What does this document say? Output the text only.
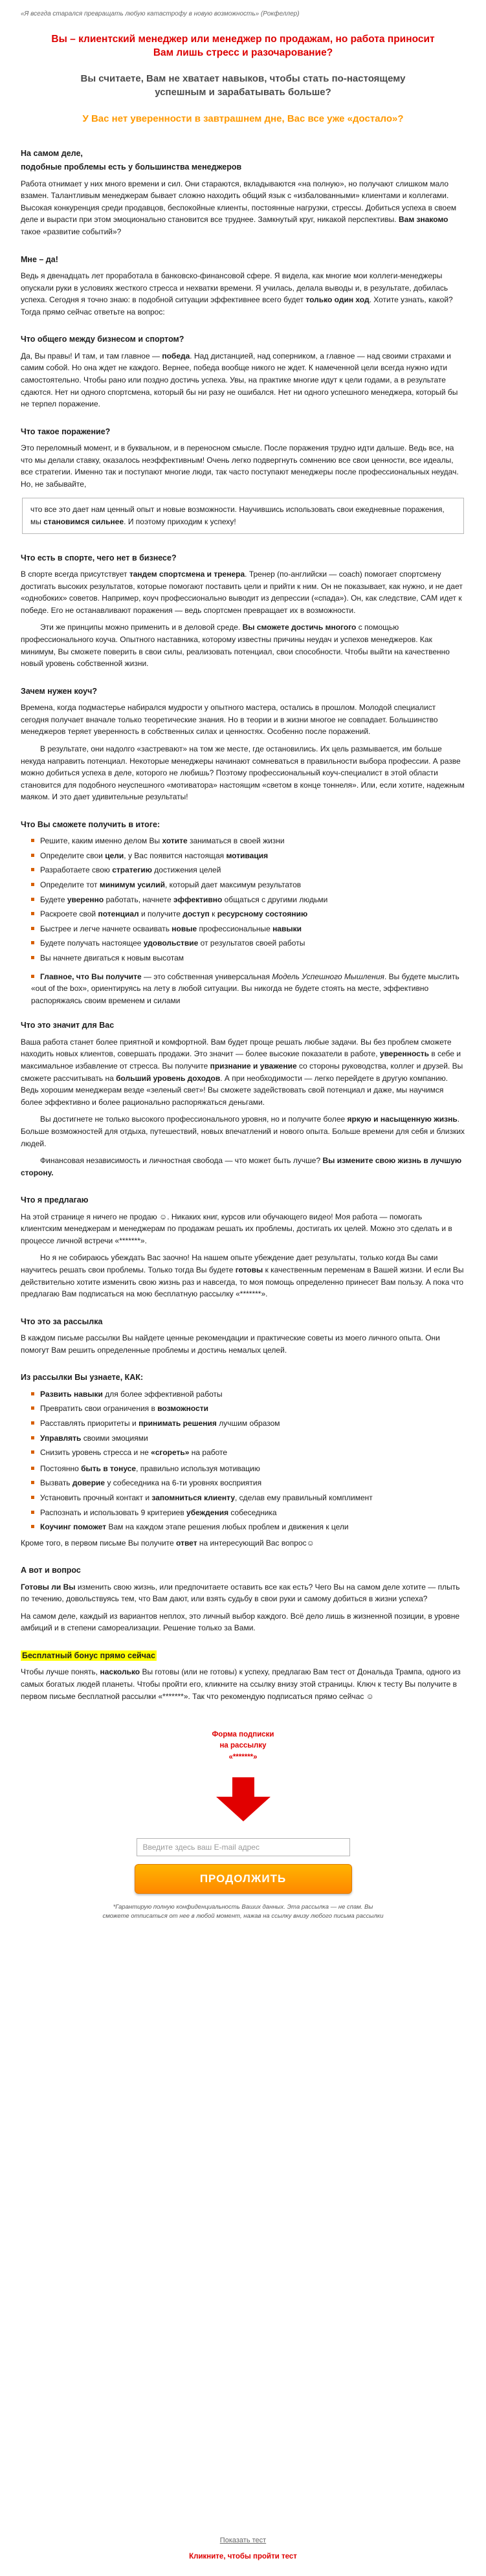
«Я всегда старался превращать любую катастрофу в новую возможность» (Рокфеллер)
Вы – клиентский менеджер или менеджер по продажам, но работа приносит Вам лишь стресс и разочарование?
Вы считаете, Вам не хватает навыков, чтобы стать по-настоящему успешным и зарабатывать больше?
У Вас нет уверенности в завтрашнем дне, Вас все уже «достало»?
На самом деле,
подобные проблемы есть у большинства менеджеров

Работа отнимает у них много времени и сил. Они стараются, вкладываются «на полную», но получают слишком мало взамен. Талантливым менеджерам бывает сложно находить общий язык с «избалованными» клиентами и коллегами. Высокая конкуренция среди продавцов, беспокойные клиенты, постоянные нагрузки, стрессы. Добиться успеха в своем деле и вырасти при этом эмоционально становится все труднее. Замкнутый круг, никакой перспективы. Вам знакомо такое «развитие событий»?

Мне – да!

Ведь я двенадцать лет проработала в банковско-финансовой сфере. Я видела, как многие мои коллеги-менеджеры опускали руки в условиях жесткого стресса и нехватки времени. Я училась, делала выводы и, в результате, добилась успеха. Сегодня я точно знаю: в подобной ситуации эффективнее всего будет только один ход. Хотите узнать, какой? Тогда прямо сейчас ответьте на вопрос:

Что общего между бизнесом и спортом?

Да, Вы правы! И там, и там главное — победа. Над дистанцией, над соперником, а главное — над своими страхами и самим собой. Но она ждет не каждого. Вернее, победа вообще никого не ждет. К намеченной цели всегда нужно идти самостоятельно. Чтобы рано или поздно достичь успеха. Увы, на практике многие идут к цели годами, а в результате сдаются. Нет ни одного спортсмена, который бы ни разу не ошибался. Нет ни одного успешного менеджера, который бы не терпел поражение.

Что такое поражение?

Это переломный момент, и в буквальном, и в переносном смысле. После поражения трудно идти дальше. Ведь все, на что мы делали ставку, оказалось неэффективным! Очень легко подвергнуть сомнению все свои ценности, все идеалы, все стратегии. Именно так и поступают многие люди, так часто поступают менеджеры после профессиональных неудач. Но, не забывайте,

что все это дает нам ценный опыт и новые возможности. Научившись использовать свои ежедневные поражения, мы становимся сильнее. И поэтому приходим к успеху!
Что есть в спорте, чего нет в бизнесе?

В спорте всегда присутствует тандем спортсмена и тренера. Тренер (по-английски — coach) помогает спортсмену достигать высоких результатов, которые помогают поставить цели и прийти к ним. Он не показывает, как нужно, и не дает «однобоких» советов. Например, коуч профессионально выводит из депрессии («спада»). Он, как следствие, САМ идет к победе. Его не останавливают поражения — ведь спортсмен превращает их в возможности.

Эти же принципы можно применить и в деловой среде. Вы сможете достичь многого с помощью профессионального коуча. Опытного наставника, которому известны причины неудач и успехов менеджеров. Как минимум, Вы сможете поверить в свои силы, реализовать потенциал, свои способности. Чтобы выйти на качественно новый уровень собственной жизни.

Зачем нужен коуч?

Времена, когда подмастерье набирался мудрости у опытного мастера, остались в прошлом. Молодой специалист сегодня получает вначале только теоретические знания. Но в теории и в жизни многое не совпадает. Большинство менеджеров теряет уверенность в собственных силах и ценностях. Особенно после поражений.

В результате, они надолго «застревают» на том же месте, где остановились. Их цель размывается, им больше некуда направить потенциал. Некоторые менеджеры начинают сомневаться в правильности выбора профессии. А разве можно добиться успеха в деле, которого не любишь? Поэтому профессиональный коуч-специалист в этой области становится для подобного неуспешного «мотиватора» настоящим «светом в конце тоннеля». Или, если хотите, надежным маяком. И это дает удивительные результаты!

Что Вы сможете получить в итоге:
Решите, каким именно делом Вы хотите заниматься в своей жизни
Определите свои цели, у Вас появится настоящая мотивация
Разработаете свою стратегию достижения целей
Определите тот минимум усилий, который дает максимум результатов
Будете уверенно работать, начнете эффективно общаться с другими людьми
Раскроете свой потенциал и получите доступ к ресурсному состоянию
Быстрее и легче начнете осваивать новые профессиональные навыки
Будете получать настоящее удовольствие от результатов своей работы
Вы начнете двигаться к новым высотам
Главное, что Вы получите — это собственная универсальная Модель Успешного Мышления. Вы будете мыслить «out of the box», ориентируясь на лету в любой ситуации. Вы никогда не будете стоять на месте, эффективно распоряжаясь своим временем и силами
Что это значит для Вас

Ваша работа станет более приятной и комфортной. Вам будет проще решать любые задачи. Вы без проблем сможете находить новых клиентов, совершать продажи. Это значит — более высокие показатели в работе, уверенность в себе и максимальное избавление от стресса. Вы получите признание и уважение со стороны руководства, коллег и друзей. Вы сможете рассчитывать на больший уровень доходов. А при необходимости — легко перейдете в другую компанию. Ведь хорошим менеджерам везде «зеленый свет»! Вы сможете задействовать свой потенциал и даже, мы научимся более эффективно и более рационально распоряжаться деньгами.

Вы достигнете не только высокого профессионального уровня, но и получите более яркую и насыщенную жизнь. Больше возможностей для отдыха, путешествий, новых впечатлений и нового опыта. Больше времени для себя и близких людей.

Финансовая независимость и личностная свобода — что может быть лучше? Вы измените свою жизнь в лучшую сторону.

Что я предлагаю

На этой странице я ничего не продаю ☺. Никаких книг, курсов или обучающего видео! Моя работа — помогать клиентским менеджерам и менеджерам по продажам решать их проблемы, достигать их целей. Можно это сделать и в процессе личной встречи «*******».

Но я не собираюсь убеждать Вас заочно! На нашем опыте убеждение дает результаты, только когда Вы сами научитесь решать свои проблемы. Только тогда Вы будете готовы к качественным переменам в Вашей жизни. И если Вы действительно хотите изменить свою жизнь раз и навсегда, то моя помощь определенно принесет Вам пользу. А пока что предлагаю Вам подписаться на мою бесплатную рассылку «*******».

Что это за рассылка

В каждом письме рассылки Вы найдете ценные рекомендации и практические советы из моего личного опыта. Они помогут Вам решить определенные проблемы и достичь немалых целей.

Из рассылки Вы узнаете, КАК:
Развить навыки для более эффективной работы
Превратить свои ограничения в возможности
Расставлять приоритеты и принимать решения лучшим образом
Управлять своими эмоциями
Снизить уровень стресса и не «сгореть» на работе
Постоянно быть в тонусе, правильно используя мотивацию
Вызвать доверие у собеседника на 6-ти уровнях восприятия
Установить прочный контакт и запомниться клиенту, сделав ему правильный комплимент
Распознать и использовать 9 критериев убеждения собеседника
Коучинг поможет Вам на каждом этапе решения любых проблем и движения к цели

Кроме того, в первом письме Вы получите ответ на интересующий Вас вопрос☺

А вот и вопрос

Готовы ли Вы изменить свою жизнь, или предпочитаете оставить все как есть? Чего Вы на самом деле хотите — плыть по течению, довольствуясь тем, что Вам дают, или взять судьбу в свои руки и самому добиться в жизни успеха?

На самом деле, каждый из вариантов неплох, это личный выбор каждого. Всё дело лишь в жизненной позиции, в уровне амбиций и в степени самореализации. Решение только за Вами.

Бесплатный бонус прямо сейчас

Чтобы лучше понять, насколько Вы готовы (или не готовы) к успеху, предлагаю Вам тест от Дональда Трампа, одного из самых богатых людей планеты. Чтобы пройти его, кликните на ссылку внизу этой страницы. Ключ к тесту Вы получите в первом письме бесплатной рассылки «*******». Так что рекомендую подписаться прямо сейчас ☺

Форма подписки
на рассылку
«*******»
Введите здесь ваш E-mail адрес
ПРОДОЛЖИТЬ
*Гарантирую полную конфиденциальность Ваших данных. Эта рассылка — не спам. Вы сможете отписаться от нее в любой момент, нажав на ссылку внизу любого письма рассылки
Показать тест
Кликните, чтобы пройти тест
